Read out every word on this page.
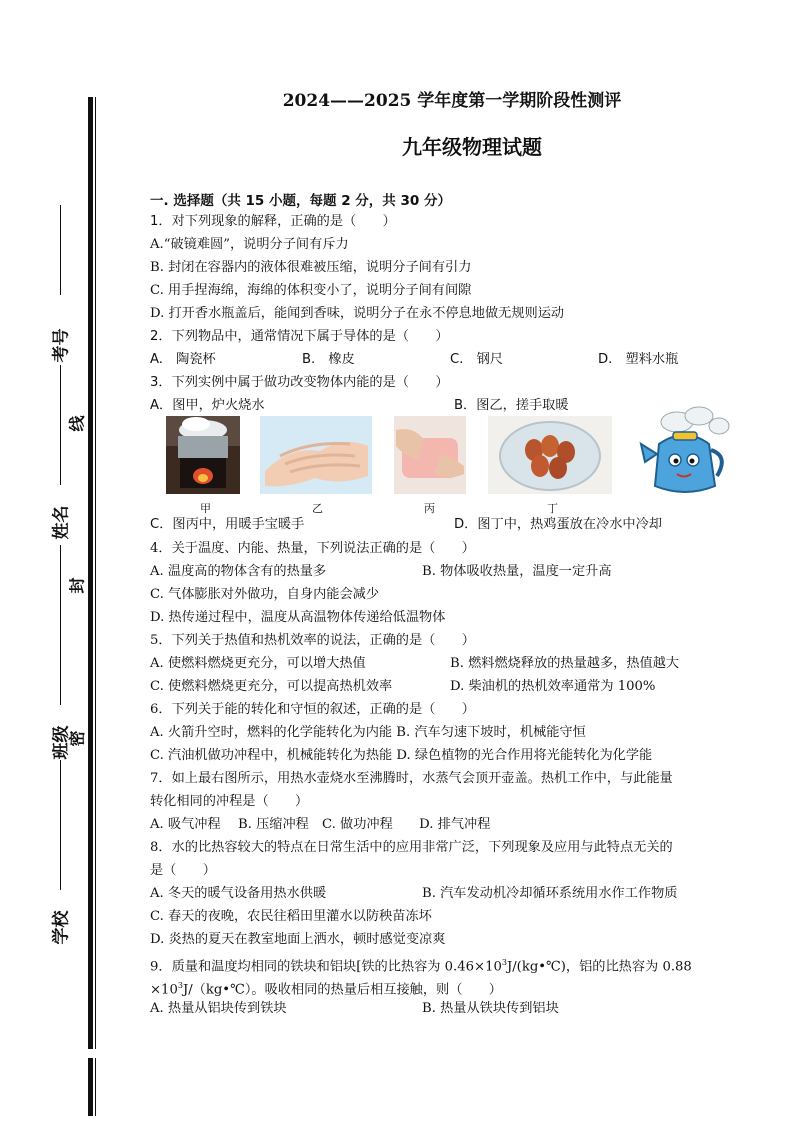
考号
姓名
班级
学校
线
封
密
2024——2025 学年度第一学期阶段性测评
九年级物理试题
一. 选择题（共 15 小题，每题 2 分，共 30 分）
1．对下列现象的解释，正确的是（　　）
A.“破镜难圆”，说明分子间有斥力
B. 封闭在容器内的液体很难被压缩，说明分子间有引力
C. 用手捏海绵，海绵的体积变小了，说明分子间有间隙
D. 打开香水瓶盖后，能闻到香味，说明分子在永不停息地做无规则运动
2．下列物品中，通常情况下属于导体的是（　　）
A.　陶瓷杯	B.　橡皮	C.　钢尺	D.　塑料水瓶
3．下列实例中属于做功改变物体内能的是（　　）
A．图甲，炉火烧水	B．图乙，搓手取暖
甲	乙	丙	丁
C．图丙中，用暖手宝暖手	D．图丁中，热鸡蛋放在冷水中冷却
4．关于温度、内能、热量，下列说法正确的是（　　）
A. 温度高的物体含有的热量多	B. 物体吸收热量，温度一定升高
C. 气体膨胀对外做功，自身内能会减少
D. 热传递过程中，温度从高温物体传递给低温物体
5．下列关于热值和热机效率的说法，正确的是（　　）
A. 使燃料燃烧更充分，可以增大热值	B. 燃料燃烧释放的热量越多，热值越大
C. 使燃料燃烧更充分，可以提高热机效率	D. 柴油机的热机效率通常为 100%
6．下列关于能的转化和守恒的叙述，正确的是（　　）
A. 火箭升空时，燃料的化学能转化为内能 B. 汽车匀速下坡时，机械能守恒
C. 汽油机做功冲程中，机械能转化为热能 D. 绿色植物的光合作用将光能转化为化学能
7．如上最右图所示，用热水壶烧水至沸腾时，水蒸气会顶开壶盖。热机工作中，与此能量
转化相同的冲程是（　　）
A. 吸气冲程　 B. 压缩冲程　C. 做功冲程　　D. 排气冲程
8．水的比热容较大的特点在日常生活中的应用非常广泛，下列现象及应用与此特点无关的
是（　　）
A. 冬天的暖气设备用热水供暖	B. 汽车发动机冷却循环系统用水作工作物质
C. 春天的夜晚，农民往稻田里灌水以防秧苗冻坏
D. 炎热的夏天在教室地面上洒水，顿时感觉变凉爽
9．质量和温度均相同的铁块和铝块[铁的比热容为 $0.46\times 10^3J/(kg•℃)$，铝的比热容为 0.88
$\times 10^3J/(kg•℃)$。吸收相同的热量后相互接触，则（　　）
A. 热量从铝块传到铁块	B. 热量从铁块传到铝块
